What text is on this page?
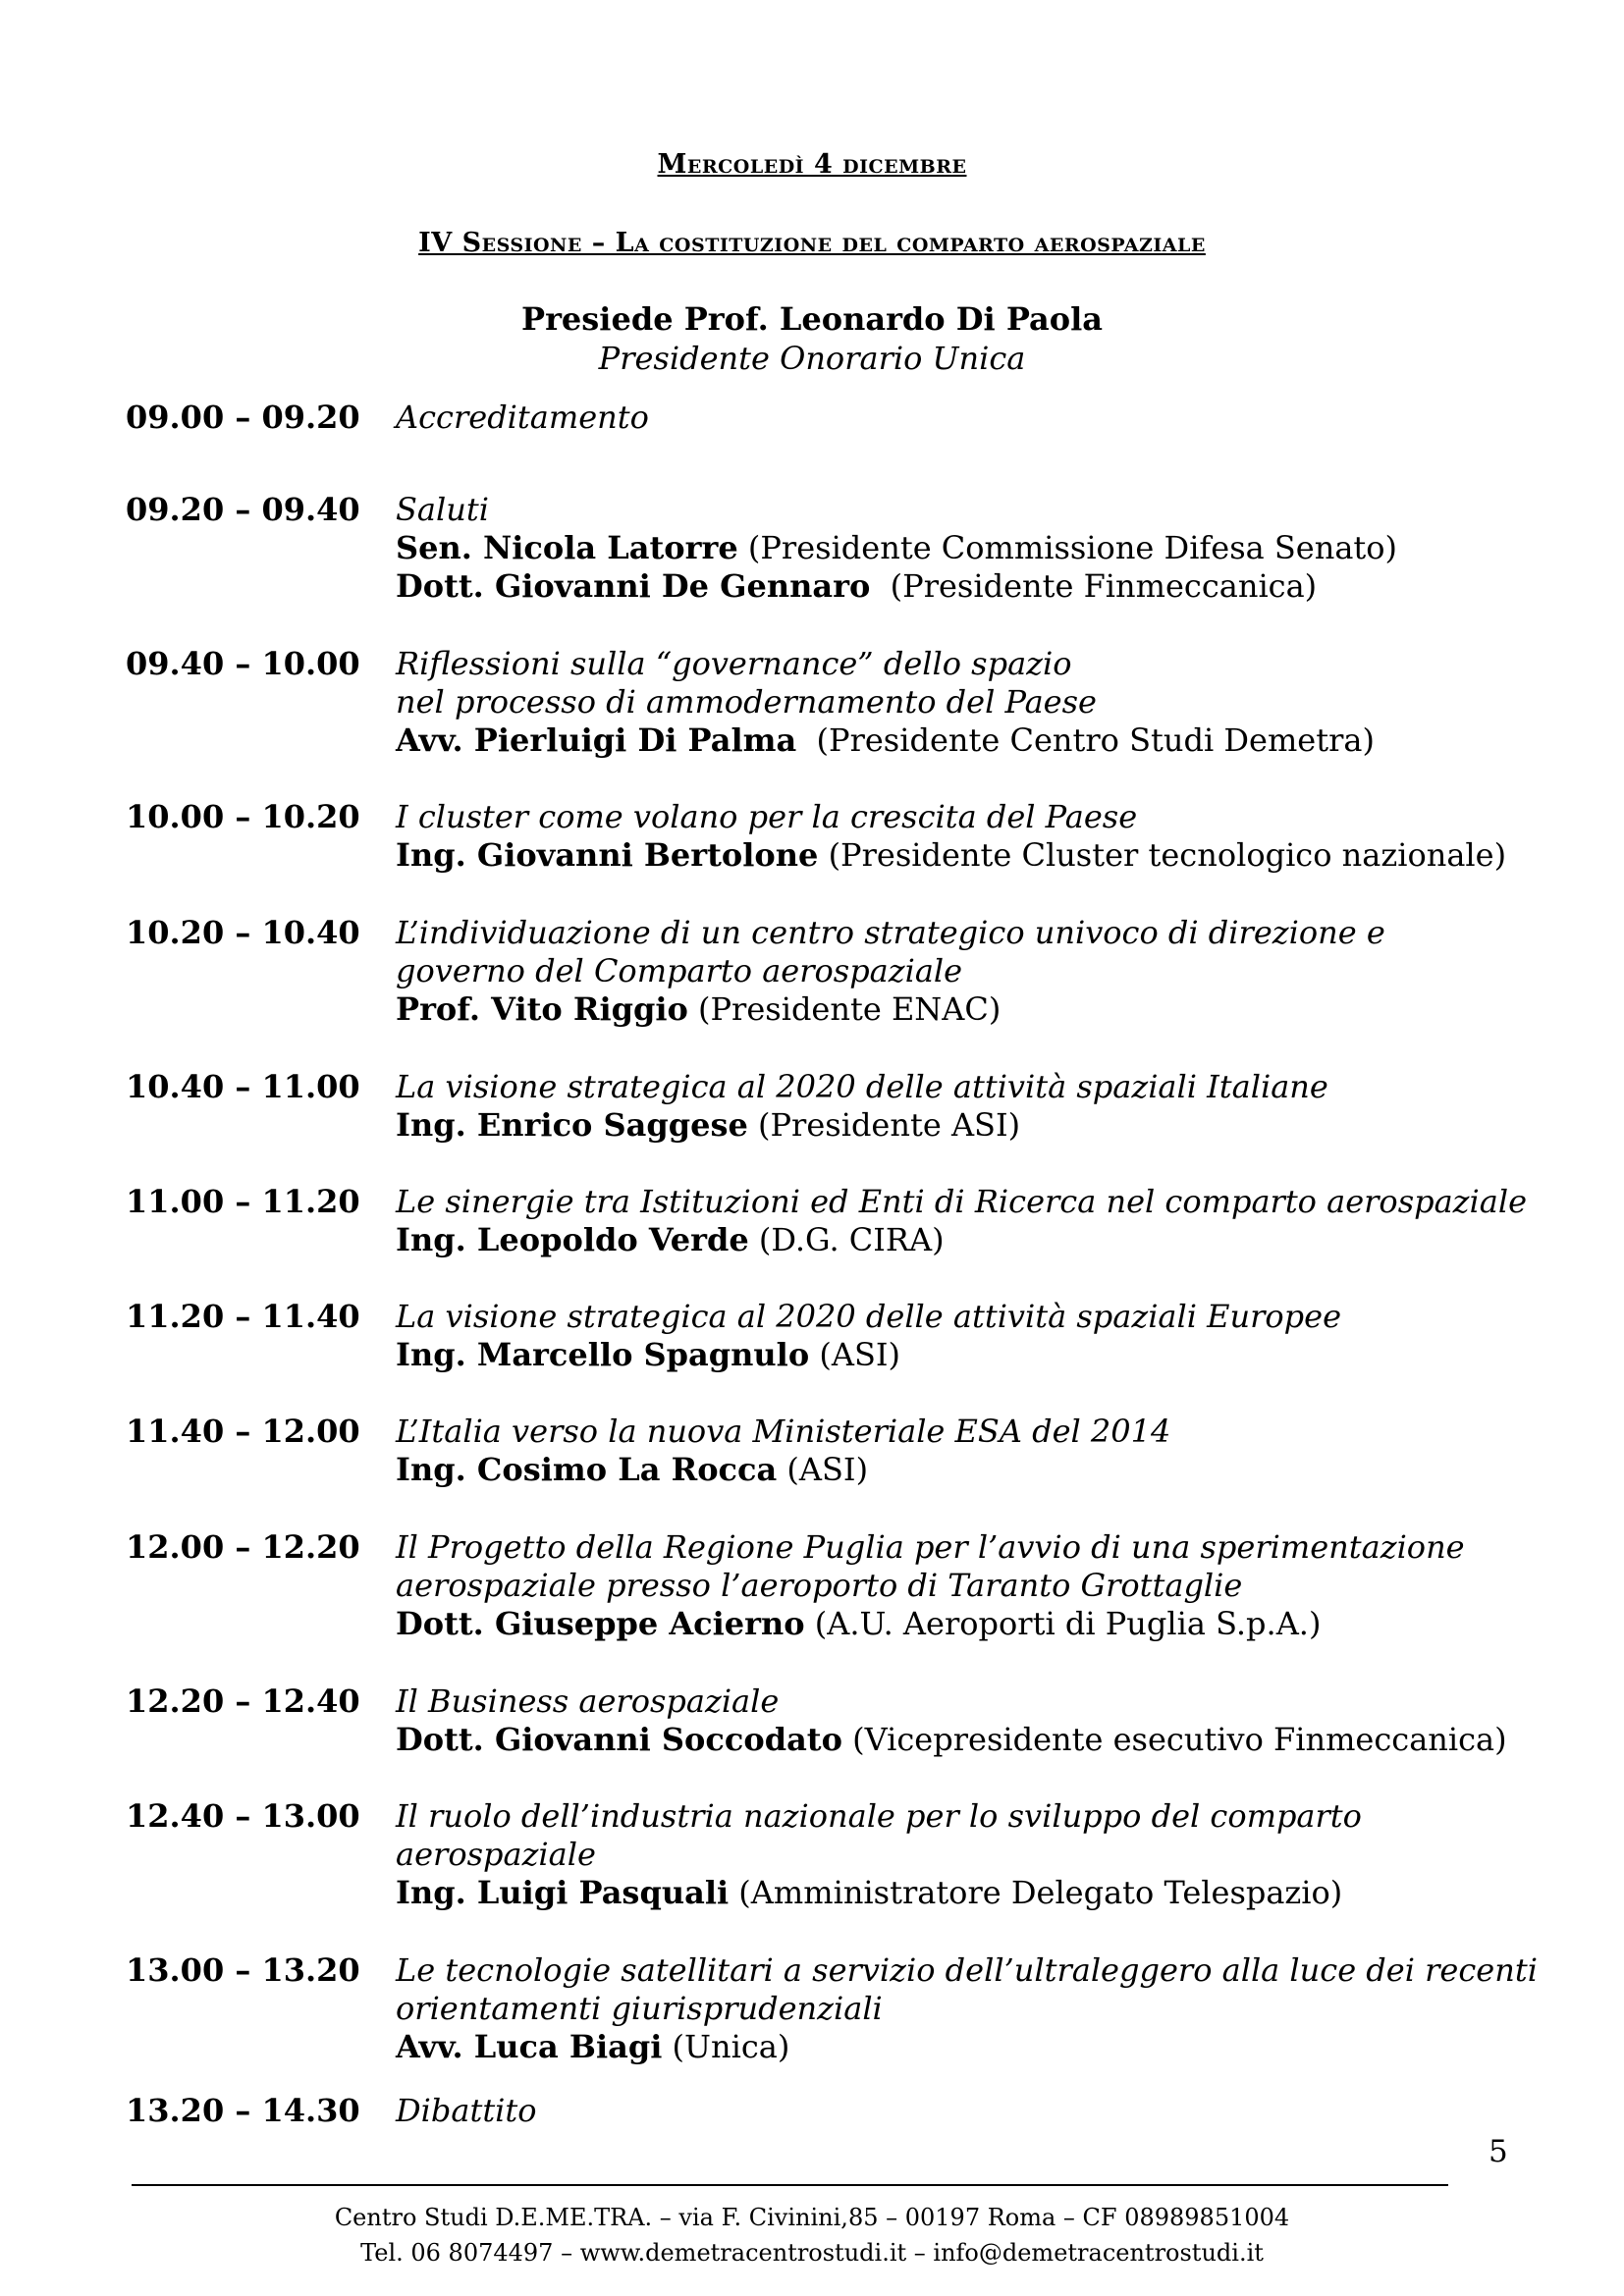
Mercoledì 4 dicembre
IV Sessione – La costituzione del comparto aerospaziale
Presiede Prof. Leonardo Di Paola
Presidente Onorario Unica
09.00 – 09.20	Accreditamento
09.20 – 09.40	Saluti
Sen. Nicola Latorre (Presidente Commissione Difesa Senato)
Dott. Giovanni De Gennaro  (Presidente Finmeccanica)
09.40 – 10.00	Riflessioni sulla “governance” dello spazio
nel processo di ammodernamento del Paese
Avv. Pierluigi Di Palma  (Presidente Centro Studi Demetra)
10.00 – 10.20	I cluster come volano per la crescita del Paese
Ing. Giovanni Bertolone (Presidente Cluster tecnologico nazionale)
10.20 – 10.40	L’individuazione di un centro strategico univoco di direzione e
governo del Comparto aerospaziale
Prof. Vito Riggio (Presidente ENAC)
10.40 – 11.00	La visione strategica al 2020 delle attività spaziali Italiane
Ing. Enrico Saggese (Presidente ASI)
11.00 – 11.20	Le sinergie tra Istituzioni ed Enti di Ricerca nel comparto aerospaziale
Ing. Leopoldo Verde (D.G. CIRA)
11.20 – 11.40	La visione strategica al 2020 delle attività spaziali Europee
Ing. Marcello Spagnulo (ASI)
11.40 – 12.00	L’Italia verso la nuova Ministeriale ESA del 2014
Ing. Cosimo La Rocca (ASI)
12.00 – 12.20	Il Progetto della Regione Puglia per l’avvio di una sperimentazione
aerospaziale presso l’aeroporto di Taranto Grottaglie
Dott. Giuseppe Acierno (A.U. Aeroporti di Puglia S.p.A.)
12.20 – 12.40	Il Business aerospaziale
Dott. Giovanni Soccodato (Vicepresidente esecutivo Finmeccanica)
12.40 – 13.00	Il ruolo dell’industria nazionale per lo sviluppo del comparto
aerospaziale
Ing. Luigi Pasquali (Amministratore Delegato Telespazio)
13.00 – 13.20	Le tecnologie satellitari a servizio dell’ultraleggero alla luce dei recenti
orientamenti giurisprudenziali
Avv. Luca Biagi (Unica)
13.20 – 14.30	Dibattito
5
Centro Studi D.E.ME.TRA. – via F. Civinini,85 – 00197 Roma – CF 08989851004
Tel. 06 8074497 – www.demetracentrostudi.it – info@demetracentrostudi.it
